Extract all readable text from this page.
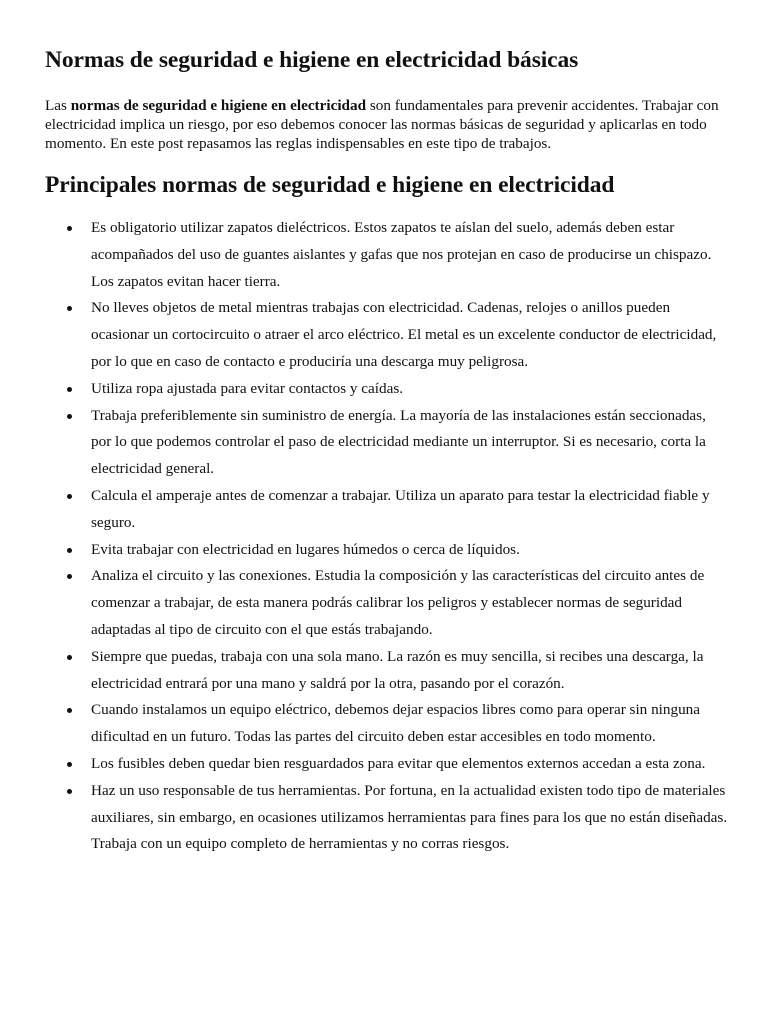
Normas de seguridad e higiene en electricidad básicas

Las normas de seguridad e higiene en electricidad son fundamentales para prevenir accidentes. Trabajar con electricidad implica un riesgo, por eso debemos conocer las normas básicas de seguridad y aplicarlas en todo momento. En este post repasamos las reglas indispensables en este tipo de trabajos.

Principales normas de seguridad e higiene en electricidad
Es obligatorio utilizar zapatos dieléctricos. Estos zapatos te aíslan del suelo, además deben estar acompañados del uso de guantes aislantes y gafas que nos protejan en caso de producirse un chispazo. Los zapatos evitan hacer tierra.
No lleves objetos de metal mientras trabajas con electricidad. Cadenas, relojes o anillos pueden ocasionar un cortocircuito o atraer el arco eléctrico. El metal es un excelente conductor de electricidad, por lo que en caso de contacto e produciría una descarga muy peligrosa.
Utiliza ropa ajustada para evitar contactos y caídas.
Trabaja preferiblemente sin suministro de energía. La mayoría de las instalaciones están seccionadas, por lo que podemos controlar el paso de electricidad mediante un interruptor. Si es necesario, corta la electricidad general.
Calcula el amperaje antes de comenzar a trabajar. Utiliza un aparato para testar la electricidad fiable y seguro.
Evita trabajar con electricidad en lugares húmedos o cerca de líquidos.
Analiza el circuito y las conexiones. Estudia la composición y las características del circuito antes de comenzar a trabajar, de esta manera podrás calibrar los peligros y establecer normas de seguridad adaptadas al tipo de circuito con el que estás trabajando.
Siempre que puedas, trabaja con una sola mano. La razón es muy sencilla, si recibes una descarga, la electricidad entrará por una mano y saldrá por la otra, pasando por el corazón.
Cuando instalamos un equipo eléctrico, debemos dejar espacios libres como para operar sin ninguna dificultad en un futuro. Todas las partes del circuito deben estar accesibles en todo momento.
Los fusibles deben quedar bien resguardados para evitar que elementos externos accedan a esta zona.
Haz un uso responsable de tus herramientas. Por fortuna, en la actualidad existen todo tipo de materiales auxiliares, sin embargo, en ocasiones utilizamos herramientas para fines para los que no están diseñadas. Trabaja con un equipo completo de herramientas y no corras riesgos.
